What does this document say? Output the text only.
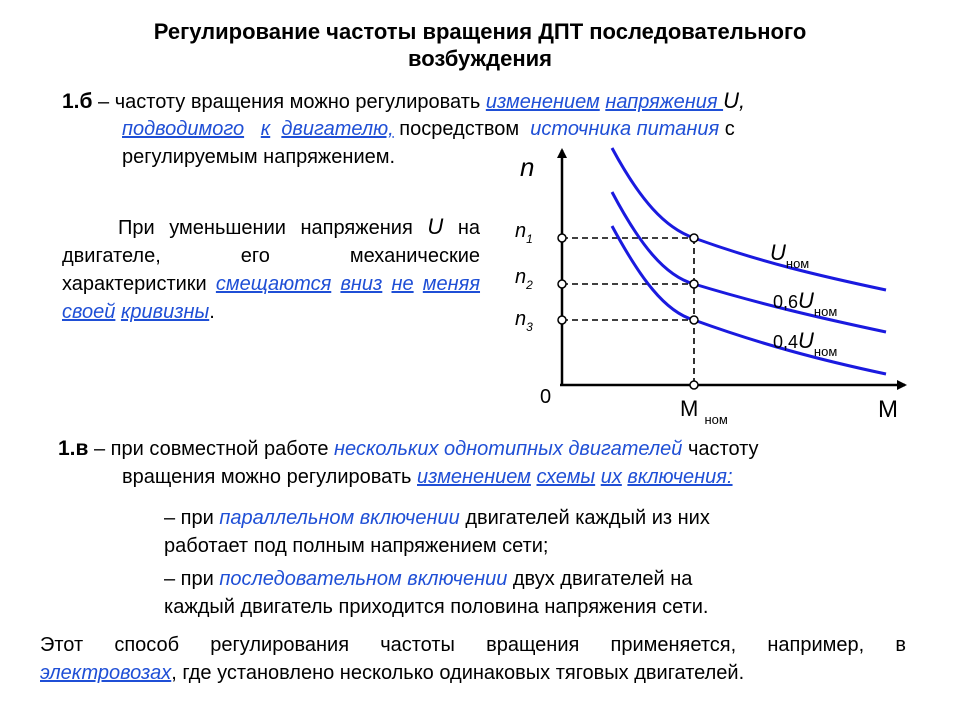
Регулирование частоты вращения ДПТ последовательного
возбуждения
1.б – частоту вращения можно регулировать изменением напряжения U,
подводимого к двигателю, посредством  источника питания с
регулируемым напряжением.
При уменьшении напряжения U на двигателе, его механические характеристики смещаются вниз не меняя своей кривизны.
n
0
$n_1$
$n_2$
$n_3$
M $_{ном}$	M
$U_{ном}$
$0,6U_{ном}$
$0,4U_{ном}$
1.в – при совместной работе нескольких однотипных двигателей частоту
вращения можно регулировать изменением схемы их включения:
– при параллельном включении двигателей каждый из них
работает под полным напряжением сети;
– при последовательном включении двух двигателей на
каждый двигатель приходится половина напряжения сети.
Этот способ регулирования частоты вращения применяется, например, в
электровозах, где установлено несколько одинаковых тяговых двигателей.
